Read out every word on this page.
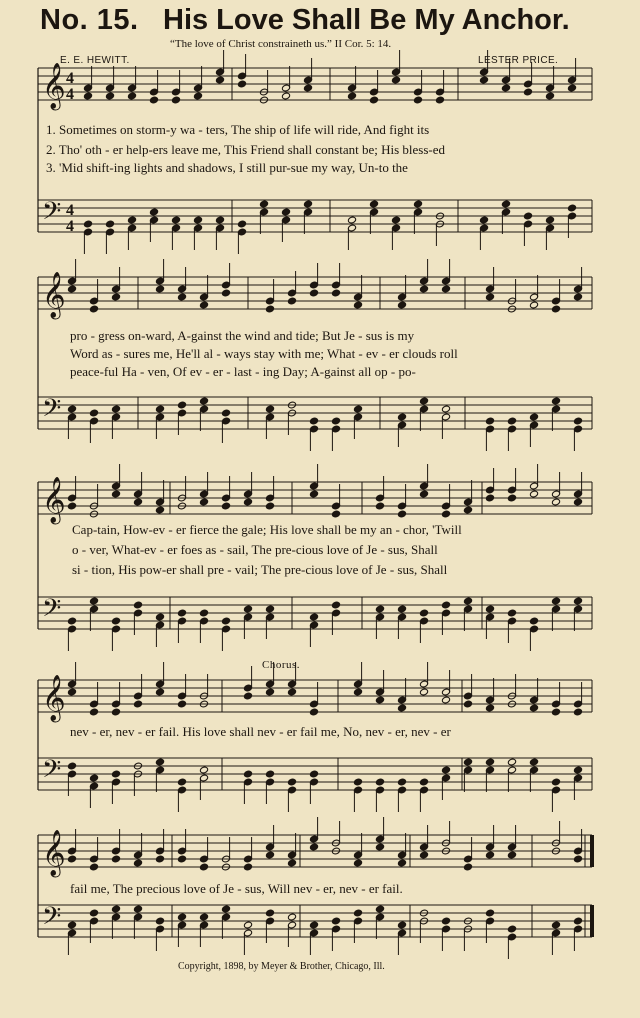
No. 15. His Love Shall Be My Anchor.
“The love of Christ constraineth us.” II Cor. 5: 14.
E. E. HEWITT.	LESTER PRICE.
𝄞
𝄢
4
4
4
4
1. Sometimes on storm-y wa - ters, The ship of life will ride, And fight its
2. Tho' oth - er help-ers leave me, This Friend shall constant be; His bless-ed
3. 'Mid shift-ing lights and shadows, I still pur-sue my way, Un-to the
𝄞
𝄢
pro - gress on-ward, A-gainst the wind and tide; But Je - sus is my
Word as - sures me, He'll al - ways stay with me; What - ev - er clouds roll
peace-ful Ha - ven, Of ev - er - last - ing Day; A-gainst all op - po-
𝄞
𝄢
Cap-tain, How-ev - er fierce the gale; His love shall be my an - chor, 'Twill
o - ver, What-ev - er foes as - sail, The pre-cious love of Je - sus, Shall
si - tion, His pow-er shall pre - vail; The pre-cious love of Je - sus, Shall
Chorus.
𝄞
𝄢
nev - er, nev - er fail. His love shall nev - er fail me, No, nev - er, nev - er
𝄞
𝄢
fail me, The precious love of Je - sus, Will nev - er, nev - er fail.
Copyright, 1898, by Meyer & Brother, Chicago, Ill.
